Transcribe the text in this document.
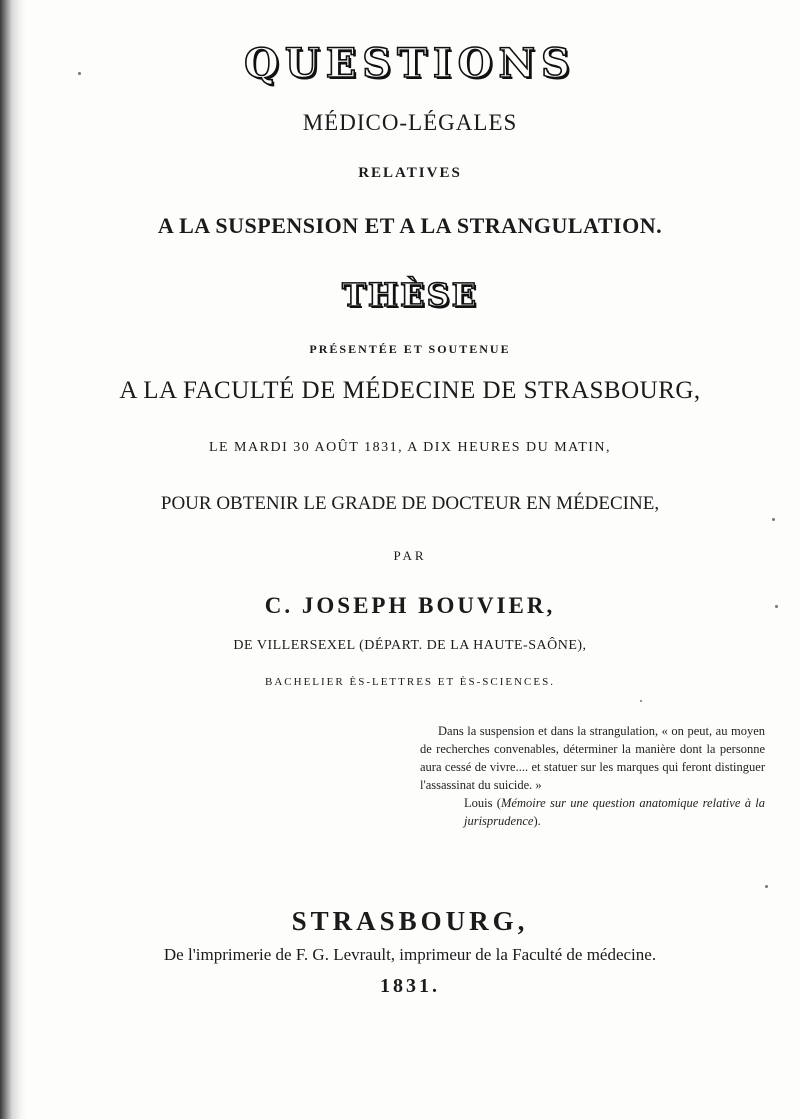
QUESTIONS
MÉDICO-LÉGALES
RELATIVES
A LA SUSPENSION ET A LA STRANGULATION.
THÈSE
PRÉSENTÉE ET SOUTENUE
A LA FACULTÉ DE MÉDECINE DE STRASBOURG,
LE MARDI 30 AOÛT 1831, A DIX HEURES DU MATIN,
POUR OBTENIR LE GRADE DE DOCTEUR EN MÉDECINE,
PAR
C. JOSEPH BOUVIER,
DE VILLERSEXEL (DÉPART. DE LA HAUTE-SAÔNE),
BACHELIER ÈS-LETTRES ET ÈS-SCIENCES.

Dans la suspension et dans la strangulation, « on peut, au moyen de recherches convenables, déterminer la manière dont la personne aura cessé de vivre.... et statuer sur les marques qui feront distinguer l'assassinat du suicide. »

Louis (Mémoire sur une question anatomique relative à la jurisprudence).

STRASBOURG,
De l'imprimerie de F. G. Levrault, imprimeur de la Faculté de médecine.
1831.
